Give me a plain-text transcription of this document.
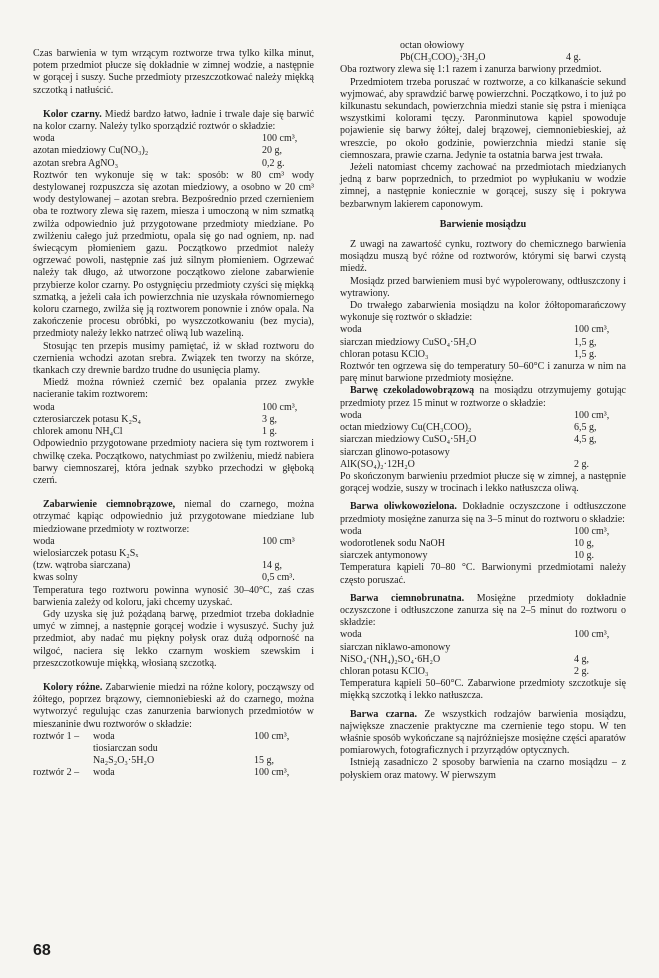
Czas barwienia w tym wrzącym roztworze trwa tylko kilka minut, potem przedmiot płucze się dokładnie w zimnej wodzie, a następnie w gorącej i suszy. Suche przedmioty przeszczotkować należy miękką szczotką i natłuścić.

Kolor czarny. Miedź bardzo łatwo, ładnie i trwale daje się barwić na kolor czarny. Należy tylko sporządzić roztwór o składzie:

woda	100 cm³,
azotan miedziowy Cu(NO₃)₂	20 g,
azotan srebra AgNO₃	0,2 g.

Roztwór ten wykonuje się w tak: sposób: w 80 cm³ wody destylowanej rozpuszcza się azotan miedziowy, a osobno w 20 cm³ wody destylowanej – azotan srebra. Bezpośrednio przed czernieniem oba te roztwory zlewa się razem, miesza i umoczoną w nim szmatką zwilża odpowiednio już przygotowane przedmioty miedziane. Po zwilżeniu całego już przedmiotu, opala się go nad ogniem, np. nad świecącym płomieniem gazu. Początkowo przedmiot należy ogrzewać powoli, następnie zaś już silnym płomieniem. Ogrzewać należy tak długo, aż utworzone początkowo zielone zabarwienie przybierze kolor czarny. Po ostygnięciu przedmioty czyści się miękką szmatką, a jeżeli cała ich powierzchnia nie uzyskała równomiernego koloru czarnego, zwilża się ją roztworem ponownie i znów opala. Na zakończenie procesu obróbki, po wyszczotkowaniu (bez mycia), przedmioty należy lekko natrzeć oliwą lub wazeliną.

Stosując ten przepis musimy pamiętać, iż w skład roztworu do czernienia wchodzi azotan srebra. Związek ten tworzy na skórze, tkankach czy drewnie bardzo trudne do usunięcia plamy.

Miedź można również czernić bez opalania przez zwykłe nacieranie takim roztworem:

woda	100 cm³,
czterosiarczek potasu K₂S₄	3 g,
chlorek amonu NH₄Cl	1 g.

Odpowiednio przygotowane przedmioty naciera się tym roztworem i chwilkę czeka. Początkowo, natychmiast po zwilżeniu, miedź nabiera barwy ciemnoszarej, która jednak szybko przechodzi w głęboką czerń.

Zabarwienie ciemnobrązowe, niemal do czarnego, można otrzymać kąpiąc odpowiednio już przygotowane miedziane lub miedziowane przedmioty w roztworze:

woda	100 cm³
wielosiarczek potasu K₂Sₓ
(tzw. wątroba siarczana)	14 g,
kwas solny	0,5 cm³.

Temperatura tego roztworu powinna wynosić 30–40°C, zaś czas barwienia zależy od koloru, jaki chcemy uzyskać.

Gdy uzyska się już pożądaną barwę, przedmiot trzeba dokładnie umyć w zimnej, a następnie gorącej wodzie i wysuszyć. Suchy już przedmiot, aby nadać mu piękny połysk oraz dużą odporność na wilgoć, naciera się lekko czarnym woskiem szewskim i przeszczotkowuje miękką, włosianą szczotką.

Kolory różne. Zabarwienie miedzi na różne kolory, począwszy od żółtego, poprzez brązowy, ciemnoniebieski aż do czarnego, można wytworzyć regulując czas zanurzenia barwionych przedmiotów w mieszaninie dwu roztworów o składzie:

roztwór 1 –	woda	100 cm³,
tiosiarczan sodu
Na₂S₂O₃·5H₂O	15 g,
roztwór 2 –	woda	100 cm³,
octan ołowiowy
Pb(CH₃COO)₂·3H₂O	4 g.

Oba roztwory zlewa się 1:1 razem i zanurza barwiony przedmiot.

Przedmiotem trzeba poruszać w roztworze, a co kilkanaście sekund wyjmować, aby sprawdzić barwę powierzchni. Początkowo, i to już po kilkunastu sekundach, powierzchnia miedzi stanie się pstra i mieniąca wszystkimi kolorami tęczy. Paronminutowa kąpiel spowoduje pojawienie się barwy żółtej, dalej brązowej, ciemnoniebieskiej, aż wreszcie, po około godzinie, powierzchnia miedzi stanie się ciemnoszara, prawie czarna. Jedynie ta ostatnia barwa jest trwała.

Jeżeli natomiast chcemy zachować na przedmiotach miedzianych jedną z barw poprzednich, to przedmiot po wypłukaniu w wodzie zimnej, a następnie koniecznie w gorącej, suszy się i pokrywa bezbarwnym lakierem caponowym.

Barwienie mosiądzu

Z uwagi na zawartość cynku, roztwory do chemicznego barwienia mosiądzu muszą być różne od roztworów, którymi się barwi czystą miedź.

Mosiądz przed barwieniem musi być wypolerowany, odtłuszczony i wytrawiony.

Do trwałego zabarwienia mosiądzu na kolor żółtopomarańczowy wykonuje się roztwór o składzie:

woda	100 cm³,
siarczan miedziowy CuSO₄·5H₂O	1,5 g,
chloran potasu KClO₃	1,5 g.

Roztwór ten ogrzewa się do temperatury 50–60°C i zanurza w nim na parę minut barwione przedmioty mosiężne.

Barwę czekoladowobrązową na mosiądzu otrzymujemy gotując przedmioty przez 15 minut w roztworze o składzie:

woda	100 cm³,
octan miedziowy Cu(CH₃COO)₂	6,5 g,
siarczan miedziowy CuSO₄·5H₂O	4,5 g,
siarczan glinowo-potasowy
AlK(SO₄)₂·12H₂O	2 g.

Po skończonym barwieniu przedmiot płucze się w zimnej, a następnie gorącej wodzie, suszy w trocinach i lekko natłuszcza oliwą.

Barwa oliwkowozielona. Dokładnie oczyszczone i odtłuszczone przedmioty mosiężne zanurza się na 3–5 minut do roztworu o składzie:

woda	100 cm³,
wodorotlenek sodu NaOH	10 g,
siarczek antymonowy	10 g.

Temperatura kąpieli 70–80 °C. Barwionymi przedmiotami należy często poruszać.

Barwa ciemnobrunatna. Mosiężne przedmioty dokładnie oczyszczone i odtłuszczone zanurza się na 2–5 minut do roztworu o składzie:

woda	100 cm³,
siarczan niklawo-amonowy
NiSO₄·(NH₄)₂SO₄·6H₂O	4 g,
chloran potasu KClO₃	2 g.

Temperatura kąpieli 50–60°C. Zabarwione przedmioty szczotkuje się miękką szczotką i lekko natłuszcza.

Barwa czarna. Ze wszystkich rodzajów barwienia mosiądzu, największe znaczenie praktyczne ma czernienie tego stopu. W ten właśnie sposób wykończane są najróżniejsze mosiężne części aparatów pomiarowych, fotograficznych i przyrządów optycznych.

Istnieją zasadniczo 2 sposoby barwienia na czarno mosiądzu – z połyskiem oraz matowy. W pierwszym

68
